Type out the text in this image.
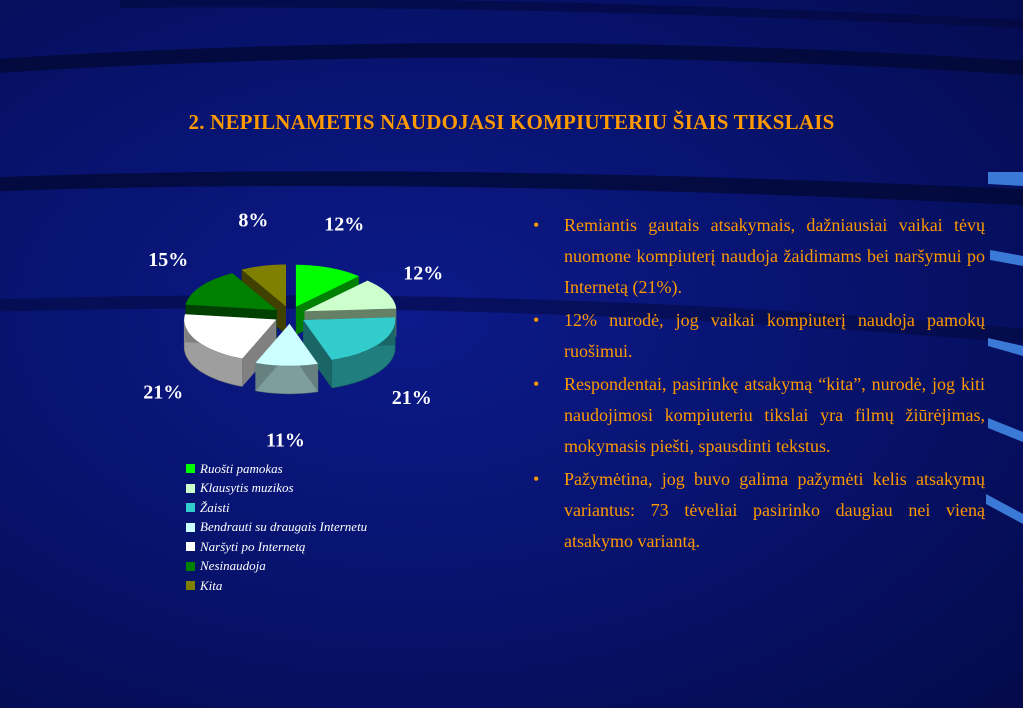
2. NEPILNAMETIS NAUDOJASI KOMPIUTERIU ŠIAIS TIKSLAIS
12%
12%
21%
11%
21%
15%
8%
Ruošti pamokas
Klausytis muzikos
Žaisti
Bendrauti su draugais Internetu
Naršyti po Internetą
Nesinaudoja
Kita
• Remiantis gautais atsakymais, dažniausiai vaikai tėvų nuomone kompiuterį naudoja žaidimams bei naršymui po Internetą (21%).
• 12% nurodė, jog vaikai kompiuterį naudoja pamokų ruošimui.
• Respondentai, pasirinkę atsakymą “kita”, nurodė, jog kiti naudojimosi kompiuteriu tikslai yra filmų žiūrėjimas, mokymasis piešti, spausdinti tekstus.
• Pažymėtina, jog buvo galima pažymėti kelis atsakymų variantus: 73 tėveliai pasirinko daugiau nei vieną atsakymo variantą.
